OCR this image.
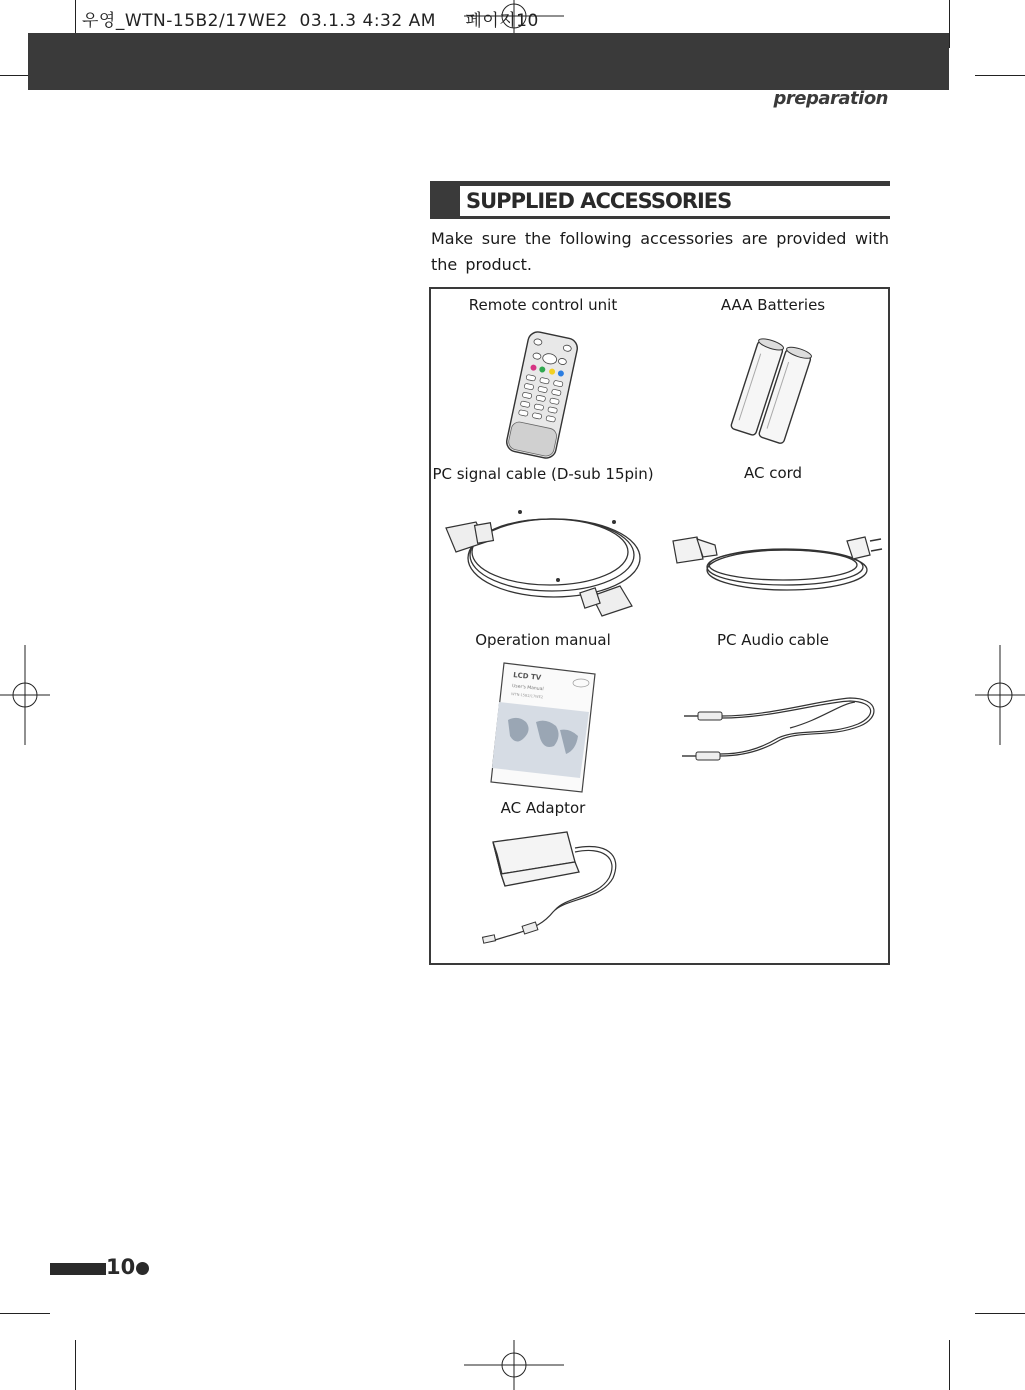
우영_WTN-15B2/17WE2  03.1.3 4:32 AM     페이지10
preparation
SUPPLIED ACCESSORIES
Make sure the following accessories are provided with the product.
Remote control unit	AAA Batteries
PC signal cable (D-sub 15pin)	AC cord
Operation manual	PC Audio cable
AC Adaptor
LCD TV
User's Manual
WTN-15B2/17WE2
10
